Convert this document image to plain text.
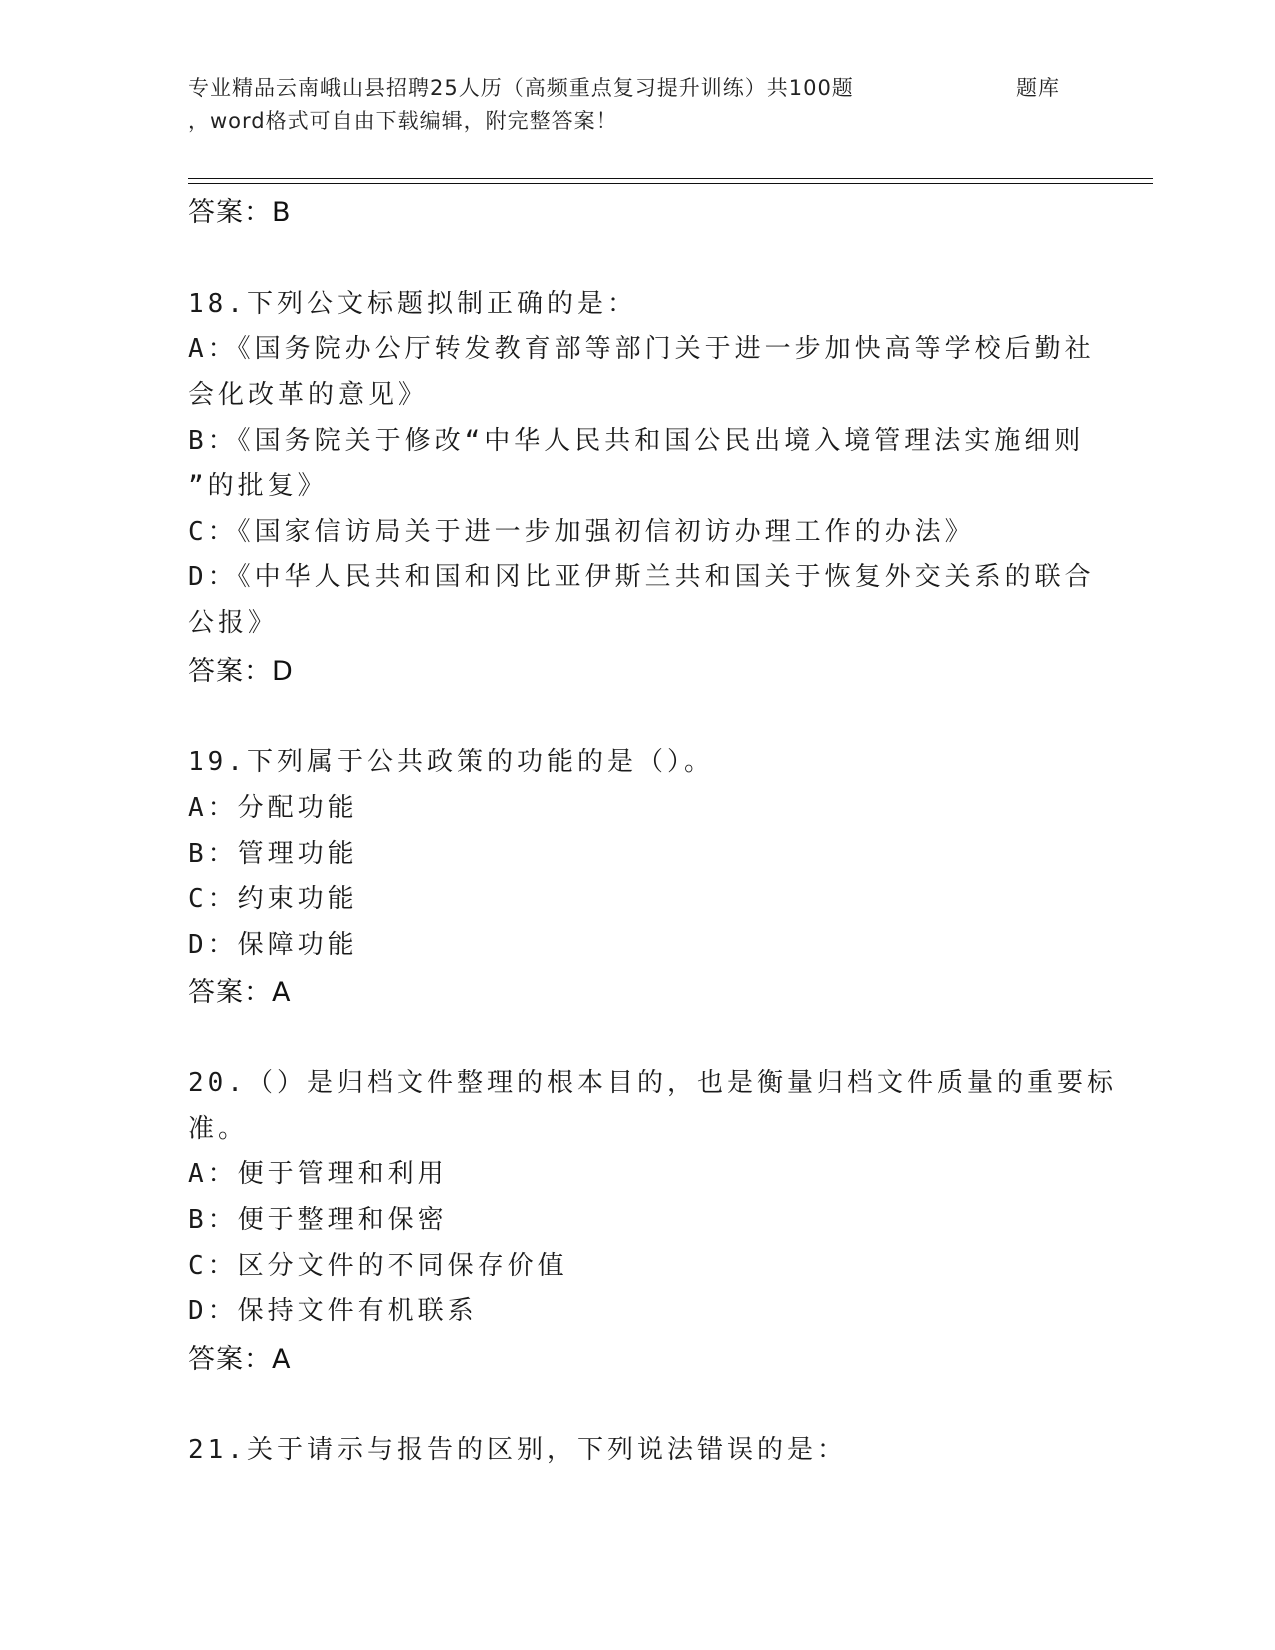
专业精品云南峨山县招聘25人历（高频重点复习提升训练）共100题	题库
，word格式可自由下载编辑，附完整答案！
答案：B
18.下列公文标题拟制正确的是：
A：《国务院办公厅转发教育部等部门关于进一步加快高等学校后勤社
会化改革的意见》
B：《国务院关于修改“中华人民共和国公民出境入境管理法实施细则
”的批复》
C：《国家信访局关于进一步加强初信初访办理工作的办法》
D：《中华人民共和国和冈比亚伊斯兰共和国关于恢复外交关系的联合
公报》
答案：D
19.下列属于公共政策的功能的是（）。
A：分配功能
B：管理功能
C：约束功能
D：保障功能
答案：A
20.（）是归档文件整理的根本目的，也是衡量归档文件质量的重要标
准。
A：便于管理和利用
B：便于整理和保密
C：区分文件的不同保存价值
D：保持文件有机联系
答案：A
21.关于请示与报告的区别，下列说法错误的是：
